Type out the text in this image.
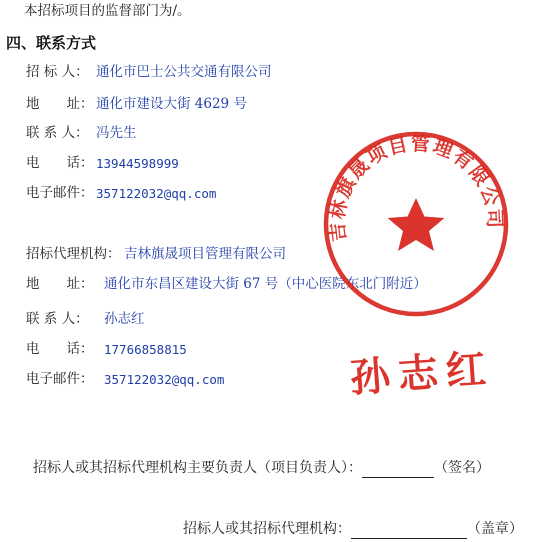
本招标项目的监督部门为/。
四、联系方式
招 标 人： 通化市巴士公共交通有限公司
地　　址： 通化市建设大街 4629 号
联 系 人： 冯先生
电　　话： 13944598999
电子邮件： 357122032@qq.com
招标代理机构： 吉林旗晟项目管理有限公司
地　　址： 通化市东昌区建设大街 67 号（中心医院东北门附近）
联 系 人： 孙志红
电　　话： 17766858815
电子邮件： 357122032@qq.com
吉林旗晟项目管理有限公司
孙志红
招标人或其招标代理机构主要负责人（项目负责人）：	（签名）
招标人或其招标代理机构：	（盖章）
